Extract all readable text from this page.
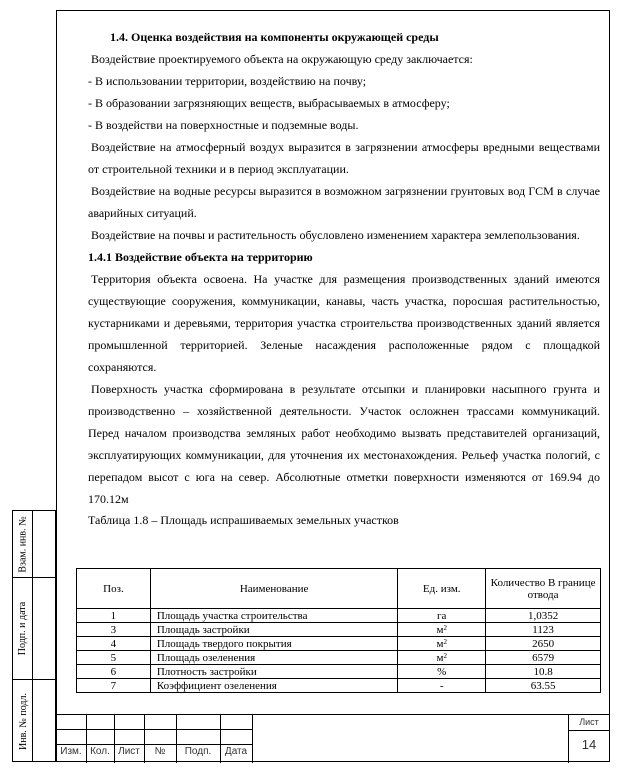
1.4. Оценка воздействия на компоненты окружающей среды

Воздействие проектируемого объекта на окружающую среду заключается:

- В использовании территории, воздействию на почву;

- В образовании загрязняющих веществ, выбрасываемых в атмосферу;

- В воздействи на поверхностные и подземные воды.

Воздействие на атмосферный воздух выразится в загрязнении атмосферы вредными веществами от строительной техники и в период эксплуатации.

Воздействие на водные ресурсы выразится в возможном загрязнении грунтовых вод ГСМ в случае аварийных ситуаций.

Воздействие на почвы и растительность обусловлено изменением характера землепользования.

1.4.1 Воздействие объекта на территорию

Территория объекта освоена. На участке для размещения производственных зданий имеются существующие сооружения, коммуникации, канавы, часть участка, поросшая растительностью, кустарниками и деревьями, территория участка строительства производственных зданий является промышленной территорией. Зеленые насаждения расположенные рядом с площадкой сохраняются.

Поверхность участка сформирована в результате отсыпки и планировки насыпного грунта и производственно – хозяйственной деятельности. Участок осложнен трассами коммуникаций. Перед началом производства земляных работ необходимо вызвать представителей организаций, эксплуатирующих коммуникации, для уточнения их местонахождения. Рельеф участка пологий, с перепадом высот с юга на север. Абсолютные отметки поверхности изменяются от 169.94 до 170.12м

Таблица 1.8 – Площадь испрашиваемых земельных участков

Поз.	Наименование	Ед. изм.	Количество В границе отвода
1	Площадь участка строительства	га	1,0352
3	Площадь застройки	$м^2$	1123
4	Площадь твердого покрытия	$м^2$	2650
5	Площадь озеленения	$м^2$	6579
6	Плотность застройки	%	10.8
7	Коэффициент озеленения	-	63.55
Взам. инв. №
Подп. и дата
Инв. № подл.
Изм. Кол. Лист	№	Подп.	Дата
Лист
14
